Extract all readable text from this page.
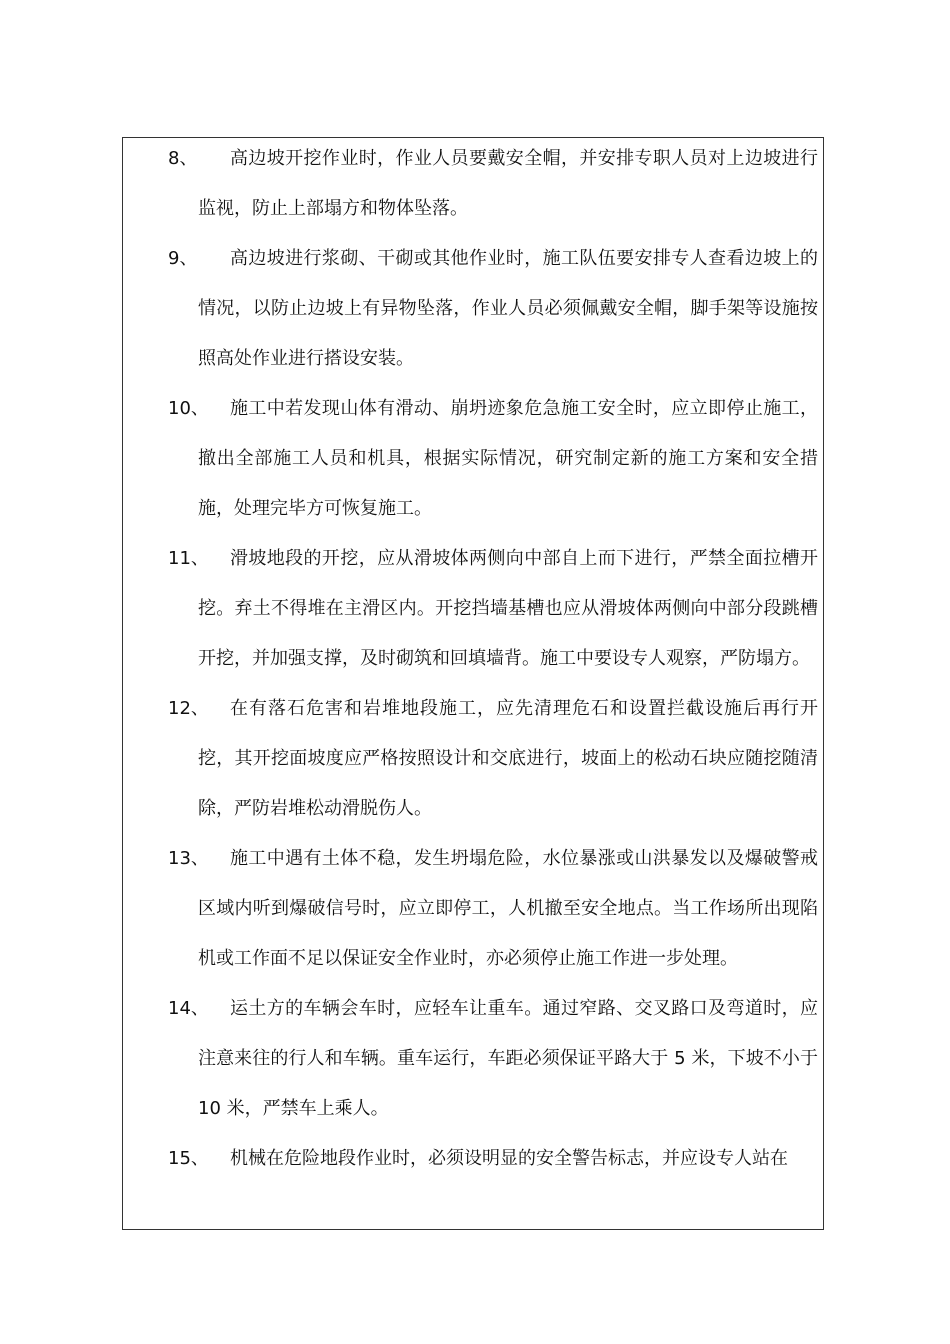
8、	高边坡开挖作业时，作业人员要戴安全帽，并安排专职人员对上边坡进行监视，防止上部塌方和物体坠落。
9、	高边坡进行浆砌、干砌或其他作业时，施工队伍要安排专人查看边坡上的情况，以防止边坡上有异物坠落，作业人员必须佩戴安全帽，脚手架等设施按照高处作业进行搭设安装。
10、	施工中若发现山体有滑动、崩坍迹象危急施工安全时，应立即停止施工，撤出全部施工人员和机具，根据实际情况，研究制定新的施工方案和安全措施，处理完毕方可恢复施工。
11、	滑坡地段的开挖，应从滑坡体两侧向中部自上而下进行，严禁全面拉槽开挖。弃土不得堆在主滑区内。开挖挡墙基槽也应从滑坡体两侧向中部分段跳槽开挖，并加强支撑，及时砌筑和回填墙背。施工中要设专人观察，严防塌方。
12、	在有落石危害和岩堆地段施工，应先清理危石和设置拦截设施后再行开挖，其开挖面坡度应严格按照设计和交底进行，坡面上的松动石块应随挖随清除，严防岩堆松动滑脱伤人。
13、	施工中遇有土体不稳，发生坍塌危险，水位暴涨或山洪暴发以及爆破警戒区域内听到爆破信号时，应立即停工，人机撤至安全地点。当工作场所出现陷机或工作面不足以保证安全作业时，亦必须停止施工作进一步处理。
14、	运土方的车辆会车时，应轻车让重车。通过窄路、交叉路口及弯道时，应注意来往的行人和车辆。重车运行，车距必须保证平路大于 5 米，下坡不小于 10 米，严禁车上乘人。
15、	机械在危险地段作业时，必须设明显的安全警告标志，并应设专人站在
